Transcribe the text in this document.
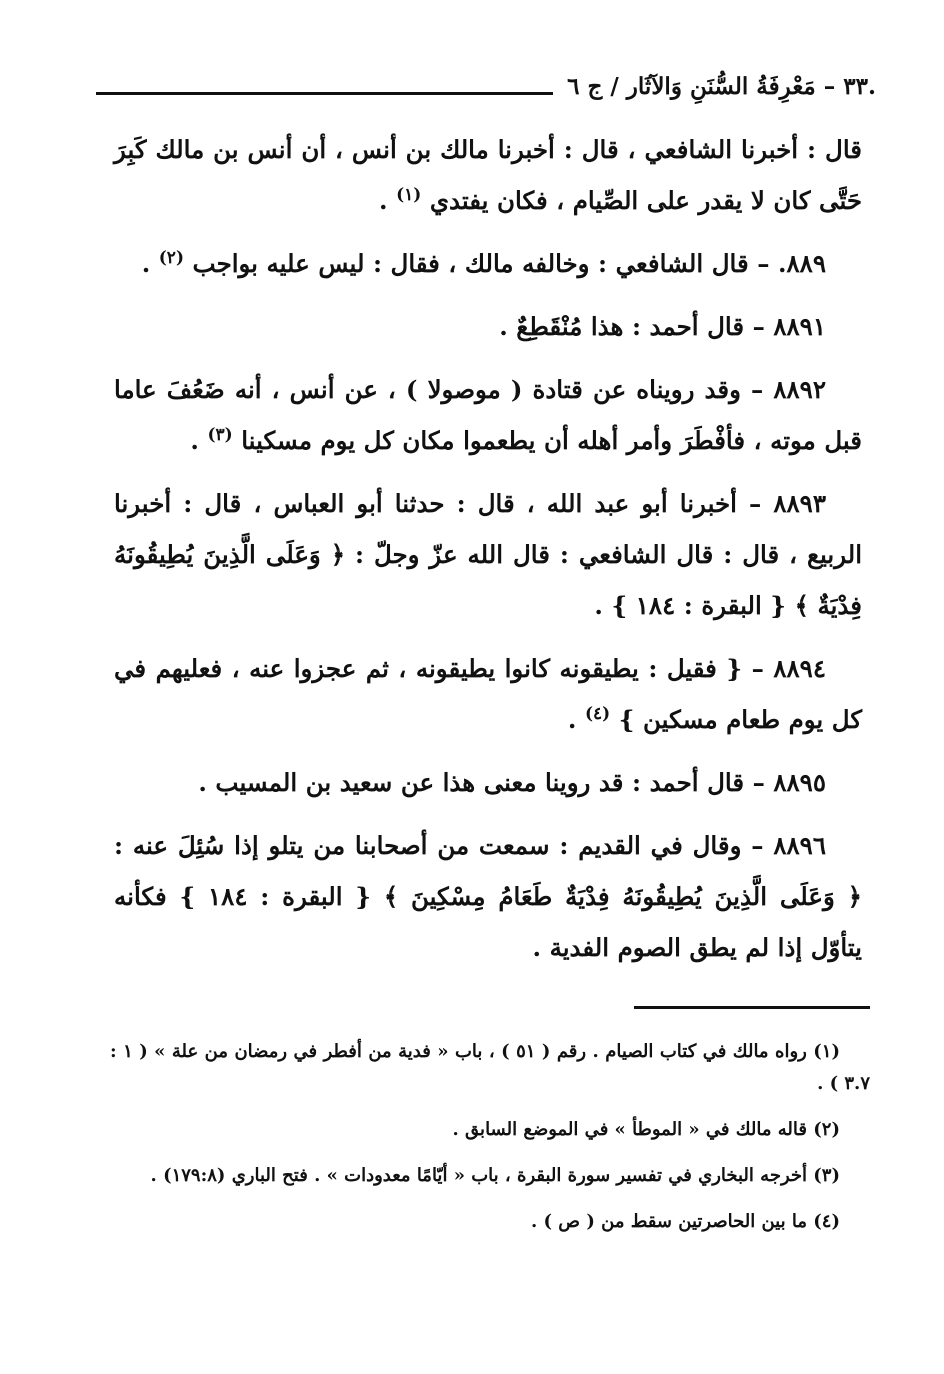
.٣٣ – مَعْرِفَةُ السُّنَنِ وَالآثَار / ج ٦

قال : أخبرنا الشافعي ، قال : أخبرنا مالك بن أنس ، أن أنس بن مالك كَبِرَ حَتَّى كان لا يقدر على الصِّيام ، فكان يفتدي $^{(١)}$ .

٨٨٩. – قال الشافعي : وخالفه مالك ، فقال : ليس عليه بواجب $^{(٢)}$ .

٨٨٩١ – قال أحمد : هذا مُنْقَطِعٌ .

٨٨٩٢ – وقد رويناه عن قتادة ( موصولا ) ، عن أنس ، أنه ضَعُفَ عاما قبل موته ، فأفْطَرَ وأمر أهله أن يطعموا مكان كل يوم مسكينا $^{(٣)}$ .

٨٨٩٣ – أخبرنا أبو عبد الله ، قال : حدثنا أبو العباس ، قال : أخبرنا الربيع ، قال : قال الشافعي : قال الله عزّ وجلّ : ﴿ وَعَلَى الَّذِينَ يُطِيقُونَهُ فِدْيَةٌ ﴾ { البقرة : ١٨٤ } .

٨٨٩٤ – { فقيل : يطيقونه كانوا يطيقونه ، ثم عجزوا عنه ، فعليهم في كل يوم طعام مسكين } $^{(٤)}$ .

٨٨٩٥ – قال أحمد : قد روينا معنى هذا عن سعيد بن المسيب .

٨٨٩٦ – وقال في القديم : سمعت من أصحابنا من يتلو إذا سُئِلَ عنه : ﴿ وَعَلَى الَّذِينَ يُطِيقُونَهُ فِدْيَةٌ طَعَامُ مِسْكِينَ ﴾ { البقرة : ١٨٤ } فكأنه يتأوّل إذا لم يطق الصوم الفدية .

(١) رواه مالك في كتاب الصيام . رقم ( ٥١ ) ، باب « فدية من أفطر في رمضان من علة » ( ١ : ٣.٧ ) .

(٢) قاله مالك في « الموطأ » في الموضع السابق .

(٣) أخرجه البخاري في تفسير سورة البقرة ، باب « أيّامًا معدودات » . فتح الباري (١٧٩:٨) .

(٤) ما بين الحاصرتين سقط من ( ص ) .
